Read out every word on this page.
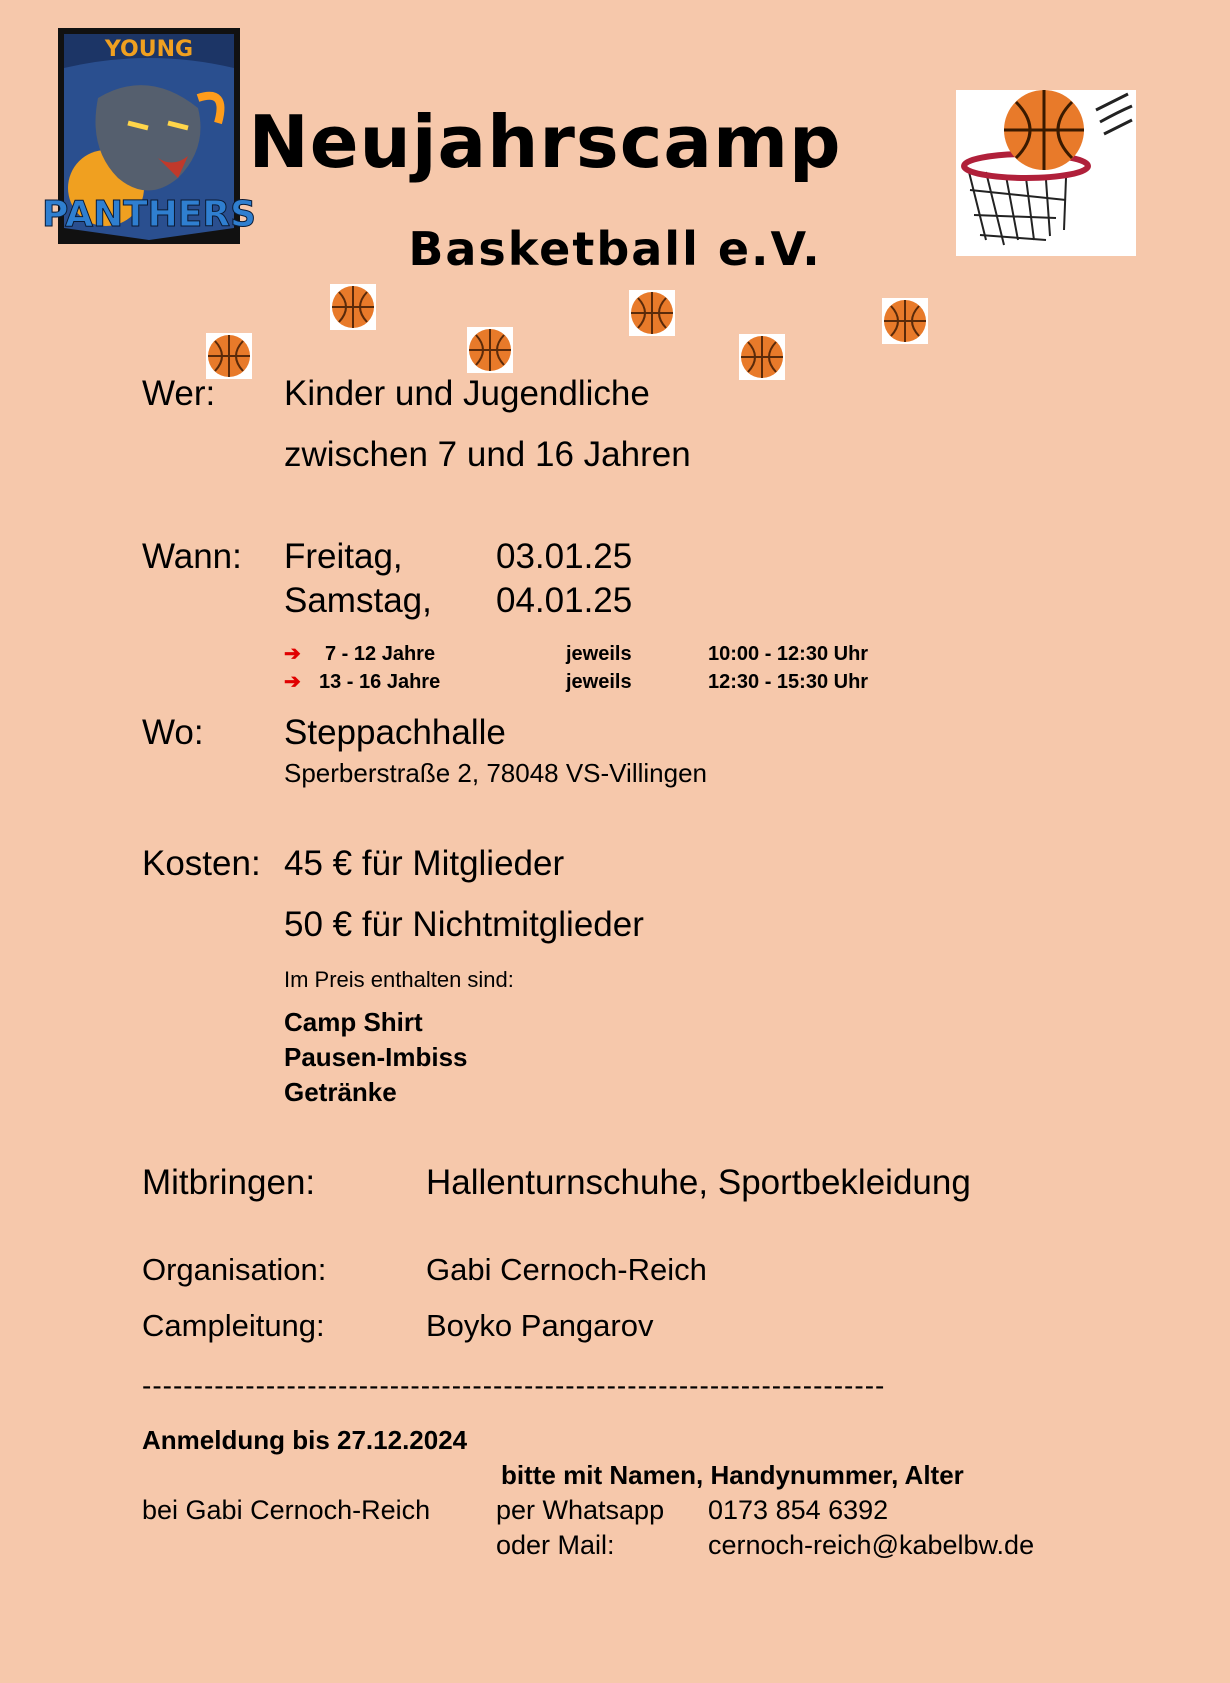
YOUNG
PANTHERS
Neujahrscamp
Basketball e.V.
Wer: Kinder und Jugendliche
zwischen 7 und 16 Jahren
Wann: Freitag,	03.01.25
Samstag, 04.01.25
➔ 7 - 12 Jahre	jeweils	10:00 - 12:30 Uhr
➔ 13 - 16 Jahre	jeweils	12:30 - 15:30 Uhr
Wo: Steppachhalle
Sperberstraße 2, 78048 VS-Villingen
Kosten: 45 € für Mitglieder
50 € für Nichtmitglieder
Im Preis enthalten sind:
Camp Shirt
Pausen-Imbiss
Getränke
Mitbringen:	Hallenturnschuhe, Sportbekleidung
Organisation:	Gabi Cernoch-Reich
Campleitung:	Boyko Pangarov
------------------------------------------------------------------------
Anmeldung bis 27.12.2024
bitte mit Namen, Handynummer, Alter
bei Gabi Cernoch-Reich per Whatsapp 0173 854 6392
oder Mail:	cernoch-reich@kabelbw.de
